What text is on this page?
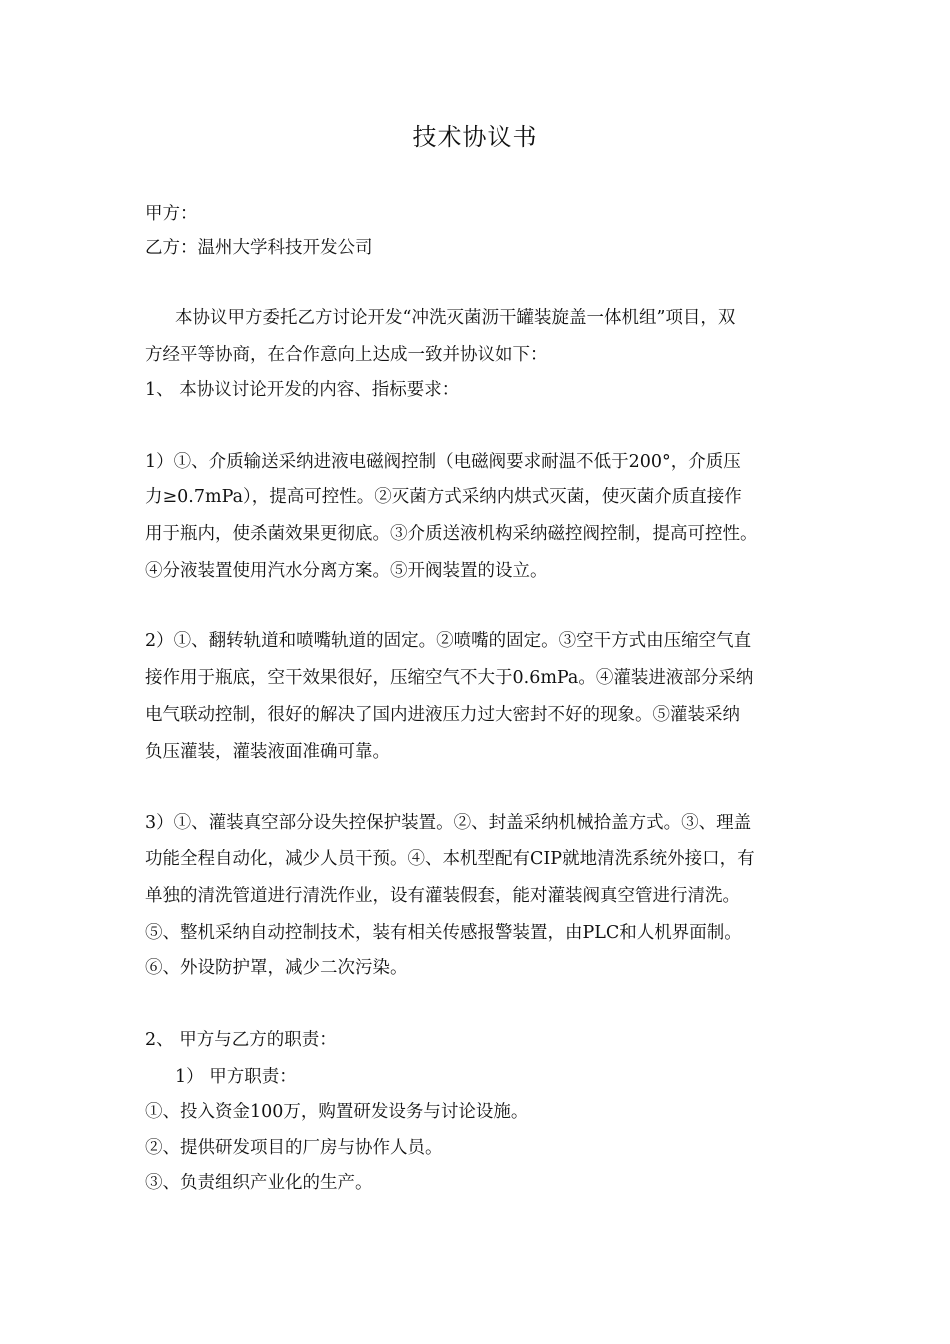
技术协议书
甲方：
乙方：温州大学科技开发公司
本协议甲方委托乙方讨论开发“冲洗灭菌沥干罐装旋盖一体机组”项目，双
方经平等协商，在合作意向上达成一致并协议如下：
1、 本协议讨论开发的内容、指标要求：
1）①、介质输送采纳进液电磁阀控制（电磁阀要求耐温不低于200°，介质压
力≥0.7mPa），提高可控性。②灭菌方式采纳内烘式灭菌，使灭菌介质直接作
用于瓶内，使杀菌效果更彻底。③介质送液机构采纳磁控阀控制，提高可控性。
④分液装置使用汽水分离方案。⑤开阀装置的设立。
2）①、翻转轨道和喷嘴轨道的固定。②喷嘴的固定。③空干方式由压缩空气直
接作用于瓶底，空干效果很好，压缩空气不大于0.6mPa。④灌装进液部分采纳
电气联动控制，很好的解决了国内进液压力过大密封不好的现象。⑤灌装采纳
负压灌装，灌装液面准确可靠。
3）①、灌装真空部分设失控保护装置。②、封盖采纳机械拾盖方式。③、理盖
功能全程自动化，减少人员干预。④、本机型配有CIP就地清洗系统外接口，有
单独的清洗管道进行清洗作业，设有灌装假套，能对灌装阀真空管进行清洗。
⑤、整机采纳自动控制技术，装有相关传感报警装置，由PLC和人机界面制。
⑥、外设防护罩，减少二次污染。
2、 甲方与乙方的职责：
1） 甲方职责：
①、投入资金100万，购置研发设务与讨论设施。
②、提供研发项目的厂房与协作人员。
③、负责组织产业化的生产。
